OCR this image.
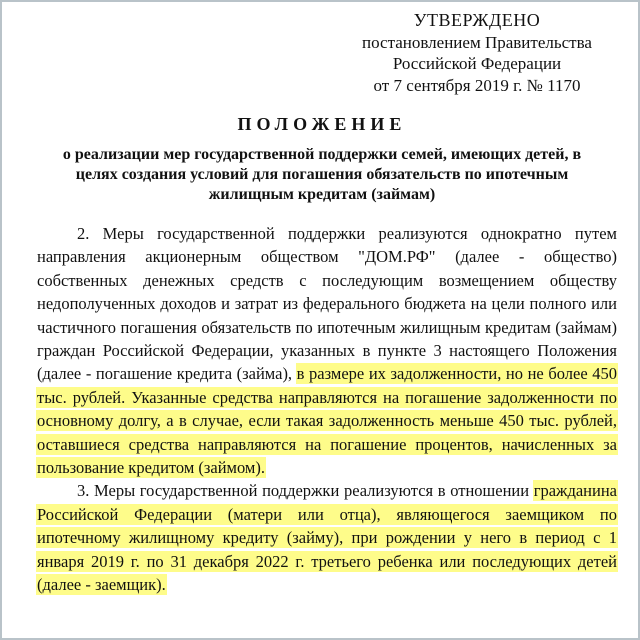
УТВЕРЖДЕНО
постановлением Правительства
Российской Федерации
от 7 сентября 2019 г. № 1170
ПОЛОЖЕНИЕ
о реализации мер государственной поддержки семей, имеющих детей, в целях создания условий для погашения обязательств по ипотечным жилищным кредитам (займам)

2. Меры государственной поддержки реализуются однократно путем направления акционерным обществом "ДОМ.РФ" (далее - общество) собственных денежных средств с последующим возмещением обществу недополученных доходов и затрат из федерального бюджета на цели полного или частичного погашения обязательств по ипотечным жилищным кредитам (займам) граждан Российской Федерации, указанных в пункте 3 настоящего Положения (далее - погашение кредита (займа), в размере их задолженности, но не более 450 тыс. рублей. Указанные средства направляются на погашение задолженности по основному долгу, а в случае, если такая задолженность меньше 450 тыс. рублей, оставшиеся средства направляются на погашение процентов, начисленных за пользование кредитом (займом).

3. Меры государственной поддержки реализуются в отношении гражданина Российской Федерации (матери или отца), являющегося заемщиком по ипотечному жилищному кредиту (займу), при рождении у него в период с 1 января 2019 г. по 31 декабря 2022 г. третьего ребенка или последующих детей (далее - заемщик).
